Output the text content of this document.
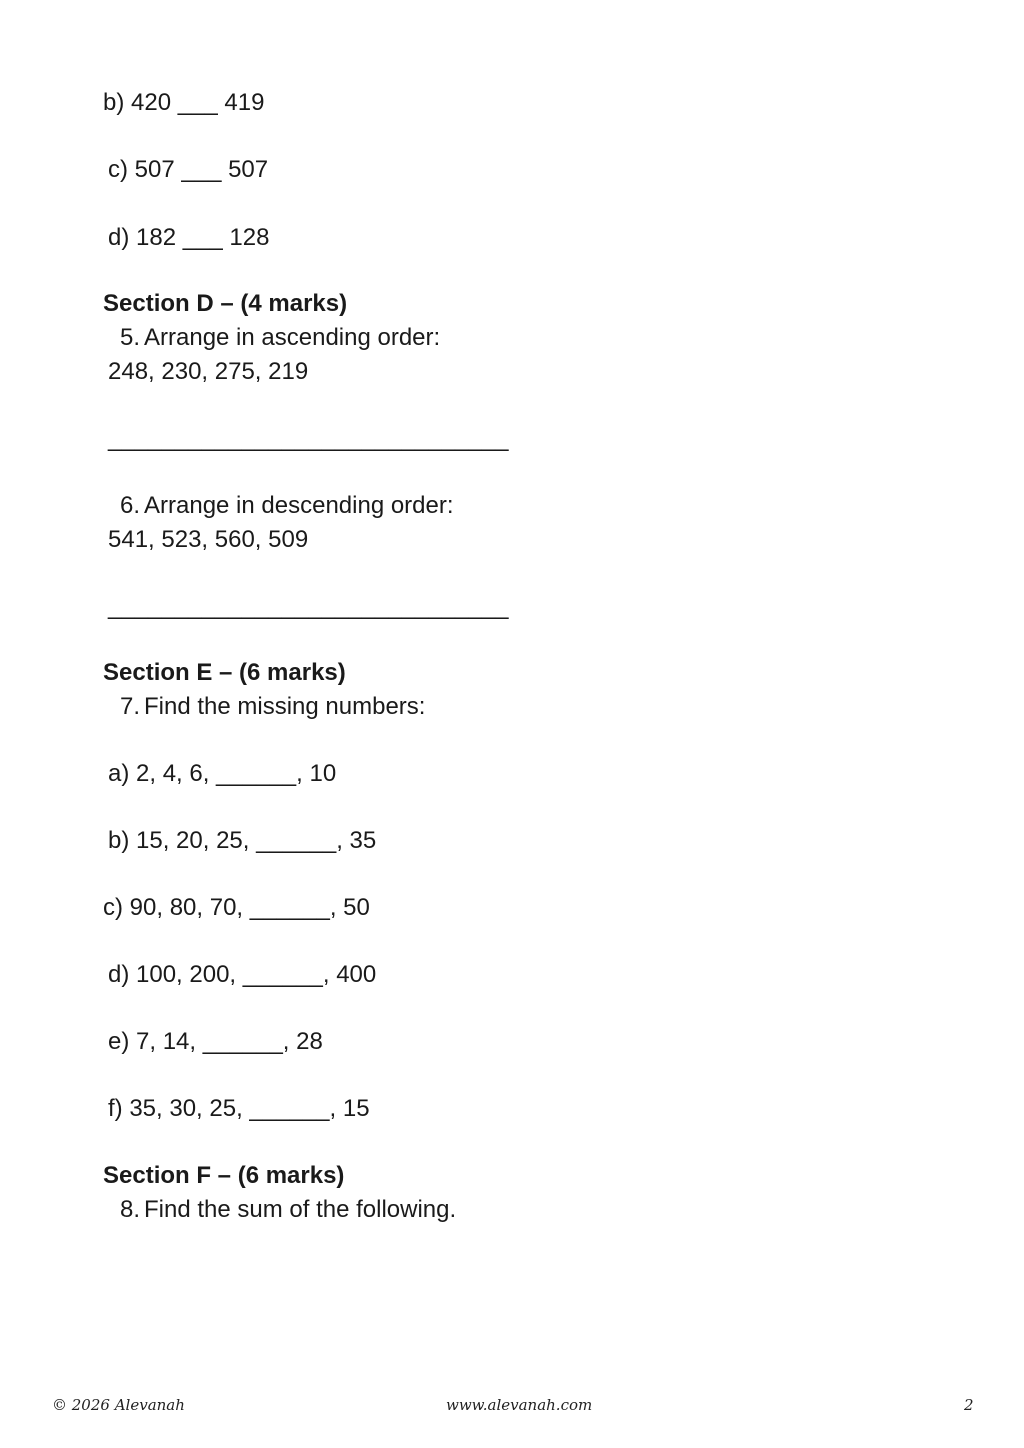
b) 420 ___ 419
c) 507 ___ 507
d) 182 ___ 128
Section D – (4 marks)
5. Arrange in ascending order:
248, 230, 275, 219
______________________________
6. Arrange in descending order:
541, 523, 560, 509
______________________________
Section E – (6 marks)
7. Find the missing numbers:
a) 2, 4, 6, ______, 10
b) 15, 20, 25, ______, 35
c) 90, 80, 70, ______, 50
d) 100, 200, ______, 400
e) 7, 14, ______, 28
f) 35, 30, 25, ______, 15
Section F – (6 marks)
8. Find the sum of the following.
© 2026 Alevanah	www.alevanah.com	2
